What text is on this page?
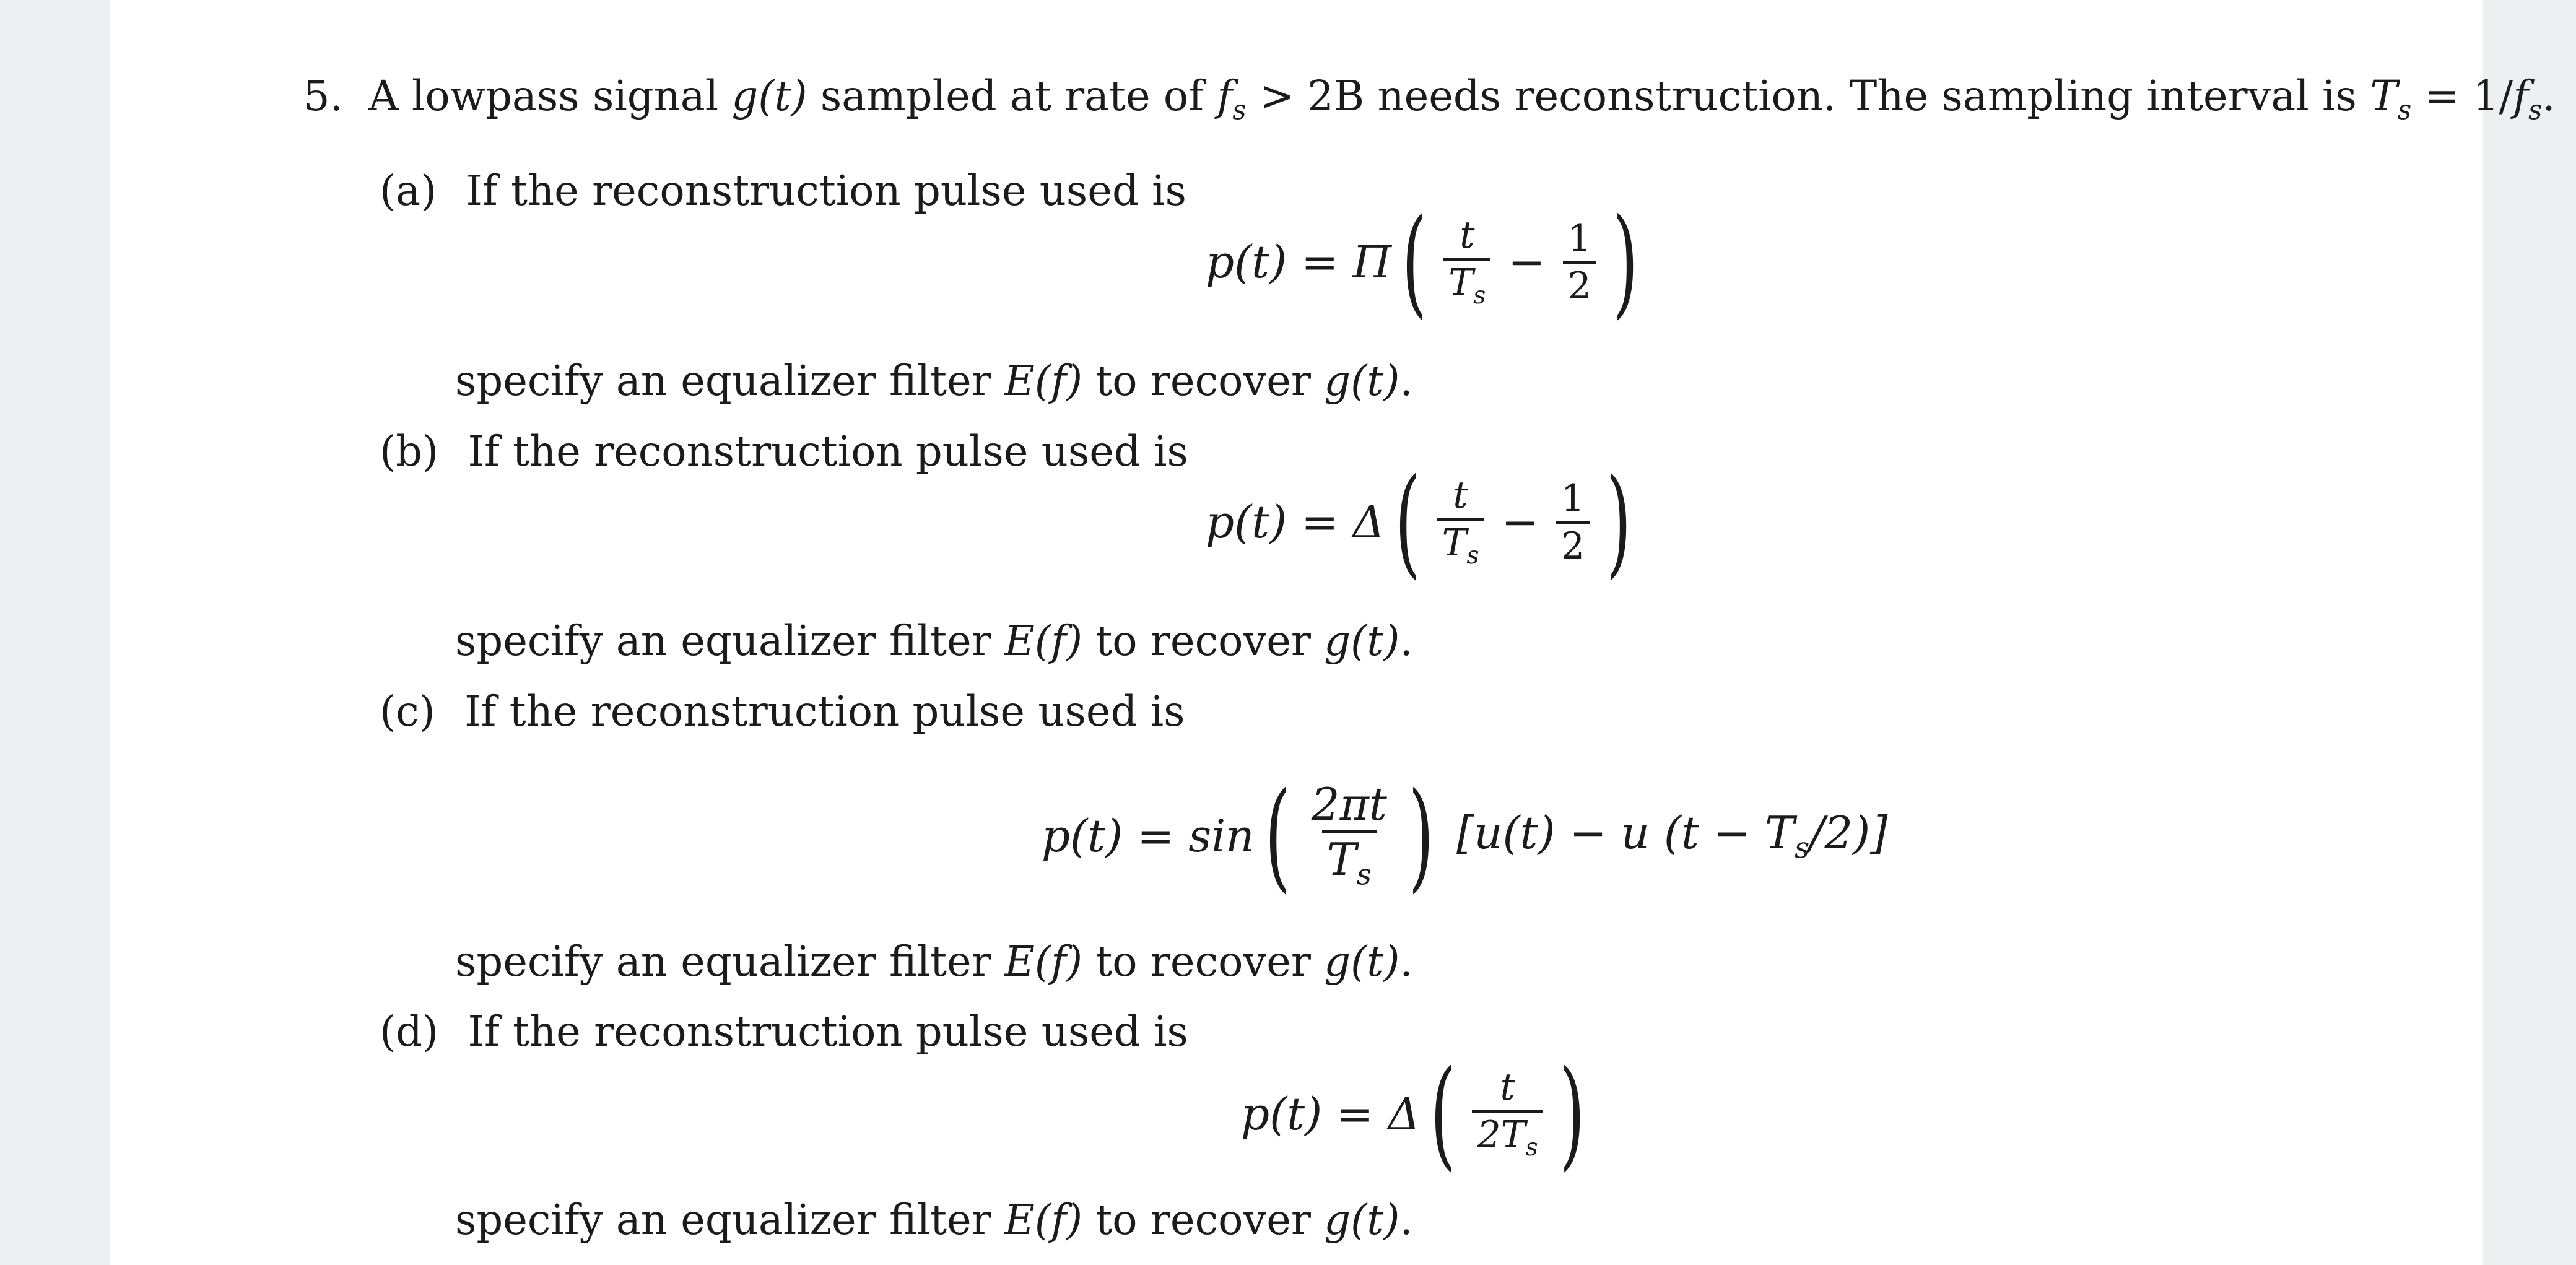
5. A lowpass signal g(t) sampled at rate of $f_s > 2B$ needs reconstruction. The sampling interval is $T_s = 1/f_s$.
(a) If the reconstruction pulse used is
p(t) = Π ( $\frac{t}{T_s} - \frac{1}{2}$ )
specify an equalizer filter E(f) to recover g(t).
(b) If the reconstruction pulse used is
p(t) = Δ ( $\frac{t}{T_s} - \frac{1}{2}$ )
specify an equalizer filter E(f) to recover g(t).
(c) If the reconstruction pulse used is
p(t) = sin ( $\frac{2\pi t}{T_s}$ ) [u(t) − u $(t - T_s/2)$]
specify an equalizer filter E(f) to recover g(t).
(d) If the reconstruction pulse used is
p(t) = Δ ( $\frac{t}{2T_s}$ )
specify an equalizer filter E(f) to recover g(t).
